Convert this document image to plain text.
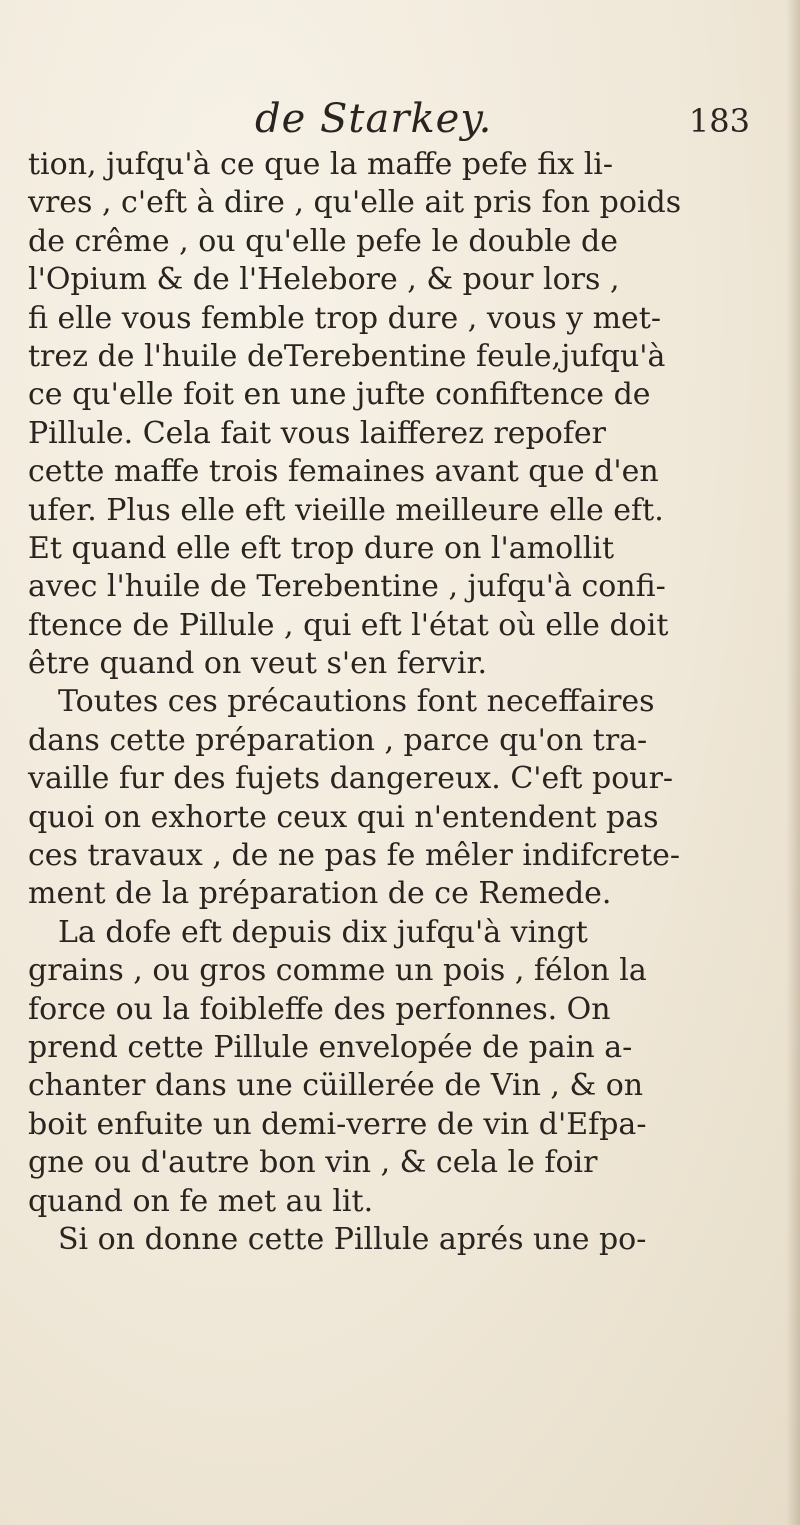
de Starkey.	183
tion, jufqu'à ce que la maffe pefe fix li-
vres , c'eft à dire , qu'elle ait pris fon poids
de crême , ou qu'elle pefe le double de
l'Opium & de l'Helebore , & pour lors ,
fi elle vous femble trop dure , vous y met-
trez de l'huile deTerebentine feule,jufqu'à
ce qu'elle foit en une jufte confiftence de
Pillule. Cela fait vous laifferez repofer
cette maffe trois femaines avant que d'en
ufer. Plus elle eft vieille meilleure elle eft.
Et quand elle eft trop dure on l'amollit
avec l'huile de Terebentine , jufqu'à confi-
ftence de Pillule , qui eft l'état où elle doit
être quand on veut s'en fervir.
Toutes ces précautions font neceffaires
dans cette préparation , parce qu'on tra-
vaille fur des fujets dangereux. C'eft pour-
quoi on exhorte ceux qui n'entendent pas
ces travaux , de ne pas fe mêler indifcrete-
ment de la préparation de ce Remede.
La dofe eft depuis dix jufqu'à vingt
grains , ou gros comme un pois , félon la
force ou la foibleffe des perfonnes. On
prend cette Pillule envelopée de pain a-
chanter dans une cüillerée de Vin , & on
boit enfuite un demi-verre de vin d'Efpa-
gne ou d'autre bon vin , & cela le foir
quand on fe met au lit.
Si on donne cette Pillule aprés une po-
